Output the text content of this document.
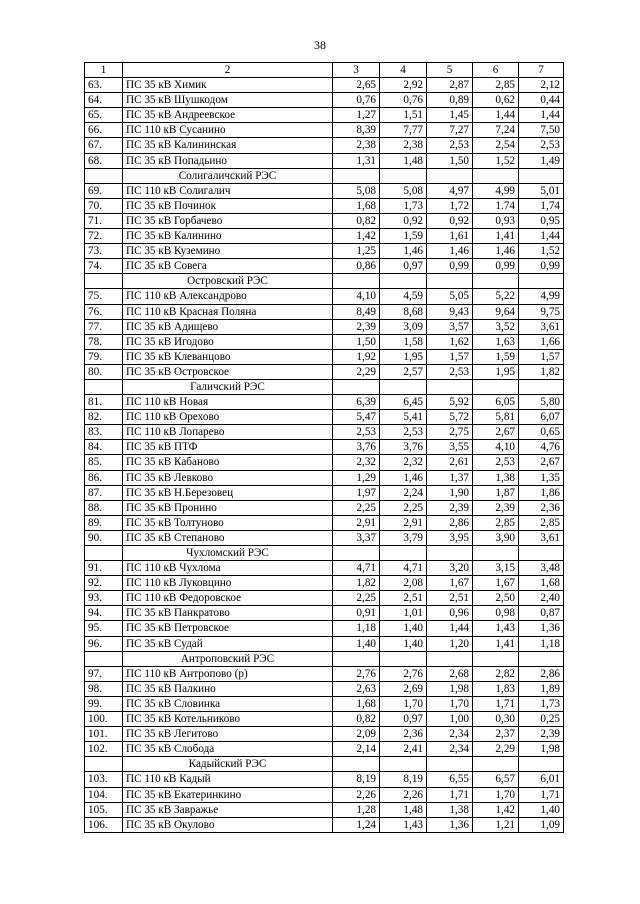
38
1	2	3	4	5	6	7
63.	ПС 35 кВ Химик	2,65	2,92	2,87	2,85	2,12
64.	ПС 35 кВ Шушкодом	0,76	0,76	0,89	0,62	0,44
65.	ПС 35 кВ Андреевское	1,27	1,51	1,45	1,44	1,44
66.	ПС 110 кВ Сусанино	8,39	7,77	7,27	7,24	7,50
67.	ПС 35 кВ Калининская	2,38	2,38	2,53	2,54	2,53
68.	ПС 35 кВ Попадьино	1,31	1,48	1,50	1,52	1,49
	Солигаличский РЭС					
69.	ПС 110 кВ Солигалич	5,08	5,08	4,97	4,99	5,01
70.	ПС 35 кВ Починок	1,68	1,73	1,72	1.74	1,74
71.	ПС 35 кВ Горбачево	0,82	0,92	0,92	0,93	0,95
72.	ПС 35 кВ Калинино	1,42	1,59	1,61	1,41	1,44
73.	ПС 35 кВ Куземино	1,25	1,46	1,46	1,46	1,52
74.	ПС 35 кВ Совега	0,86	0,97	0,99	0,99	0,99
	Островский РЭС					
75.	ПС 110 кВ Александрово	4,10	4,59	5,05	5,22	4,99
76.	ПС 110 кВ Красная Поляна	8,49	8,68	9,43	9,64	9,75
77.	ПС 35 кВ Адищево	2,39	3,09	3,57	3,52	3,61
78.	ПС 35 кВ Игодово	1,50	1,58	1,62	1,63	1,66
79.	ПС 35 кВ Клеванцово	1,92	1,95	1,57	1,59	1,57
80.	ПС 35 кВ Островское	2,29	2,57	2,53	1,95	1,82
	Галичский РЭС					
81.	ПС 110 кВ Новая	6,39	6,45	5,92	6,05	5,80
82.	ПС 110 кВ Орехово	5,47	5,41	5,72	5,81	6,07
83.	ПС 110 кВ Лопарево	2,53	2,53	2,75	2,67	0,65
84.	ПС 35 кВ ПТФ	3,76	3,76	3,55	4,10	4,76
85.	ПС 35 кВ Кабаново	2,32	2,32	2,61	2,53	2,67
86.	ПС 35 кВ Левково	1,29	1,46	1,37	1,38	1,35
87.	ПС 35 кВ Н.Березовец	1,97	2,24	1,90	1,87	1,86
88.	ПС 35 кВ Пронино	2,25	2,25	2,39	2,39	2,36
89.	ПС 35 кВ Толтуново	2,91	2,91	2,86	2,85	2,85
90.	ПС 35 кВ Степаново	3,37	3,79	3,95	3,90	3,61
	Чухломский РЭС					
91.	ПС 110 кВ Чухлома	4,71	4,71	3,20	3,15	3,48
92.	ПС 110 кВ Луковцино	1,82	2,08	1,67	1,67	1,68
93.	ПС 110 кВ Федоровское	2,25	2,51	2,51	2,50	2,40
94.	ПС 35 кВ Панкратово	0,91	1,01	0,96	0,98	0,87
95.	ПС 35 кВ Петровское	1,18	1,40	1,44	1,43	1,36
96.	ПС 35 кВ Судай	1,40	1,40	1,20	1,41	1,18
	Антроповский РЭС					
97.	ПС 110 кВ Антропово (р)	2,76	2,76	2,68	2,82	2,86
98.	ПС 35 кВ Палкино	2,63	2,69	1,98	1,83	1,89
99.	ПС 35 кВ Словинка	1,68	1,70	1,70	1,71	1,73
100.	ПС 35 кВ Котельниково	0,82	0,97	1,00	0,30	0,25
101.	ПС 35 кВ Легитово	2,09	2,36	2,34	2,37	2,39
102.	ПС 35 кВ Слобода	2,14	2,41	2,34	2,29	1,98
	Кадыйский РЭС					
103.	ПС 110 кВ Кадый	8,19	8,19	6,55	6,57	6,01
104.	ПС 35 кВ Екатеринкино	2,26	2,26	1,71	1,70	1,71
105.	ПС 35 кВ Завражье	1,28	1,48	1,38	1,42	1,40
106.	ПС 35 кВ Окулово	1,24	1,43	1,36	1,21	1,09
